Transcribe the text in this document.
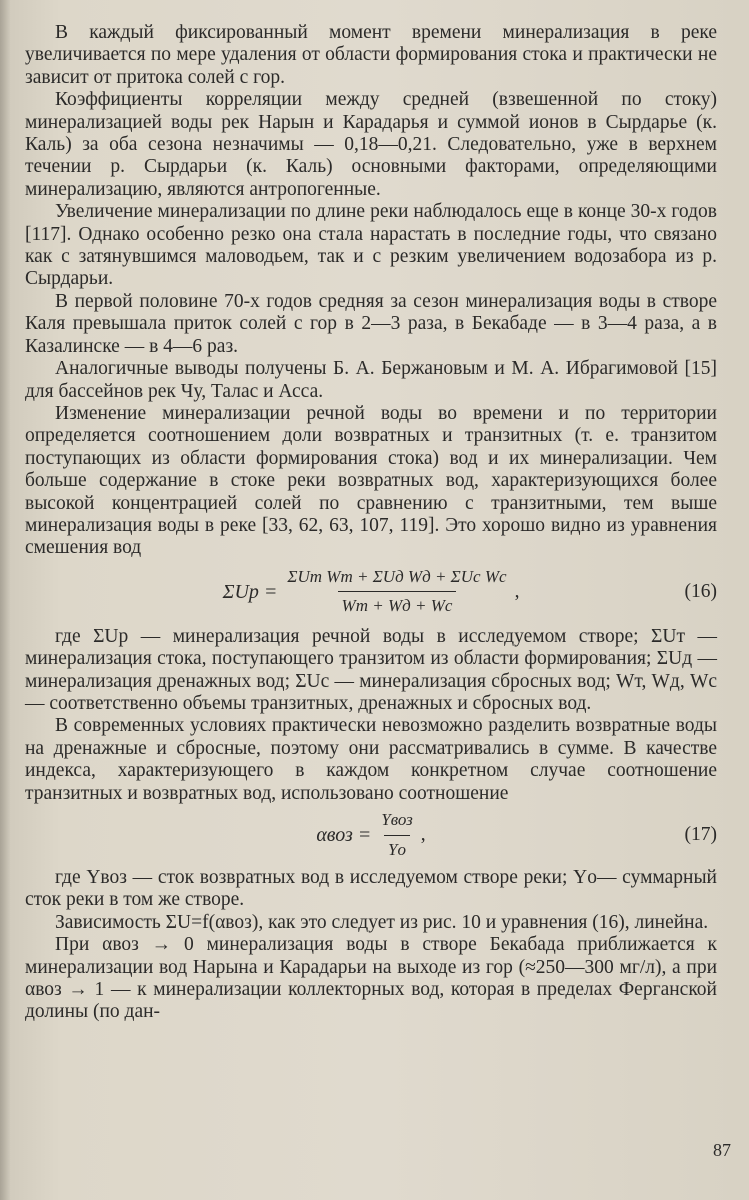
В каждый фиксированный момент времени минерализация в реке увеличивается по мере удаления от области формирования стока и практически не зависит от притока солей с гор.

Коэффициенты корреляции между средней (взвешенной по стоку) минерализацией воды рек Нарын и Карадарья и суммой ионов в Сырдарье (к. Каль) за оба сезона незначимы — 0,18—0,21. Следовательно, уже в верхнем течении р. Сырдарьи (к. Каль) основными факторами, определяющими минерализацию, являются антропогенные.

Увеличение минерализации по длине реки наблюдалось еще в конце 30-х годов [117]. Однако особенно резко она стала нарастать в последние годы, что связано как с затянувшимся маловодьем, так и с резким увеличением водозабора из р. Сырдарьи.

В первой половине 70-х годов средняя за сезон минерализация воды в створе Каля превышала приток солей с гор в 2—3 раза, в Бекабаде — в 3—4 раза, а в Казалинске — в 4—6 раз.

Аналогичные выводы получены Б. А. Бержановым и М. А. Ибрагимовой [15] для бассейнов рек Чу, Талас и Асса.

Изменение минерализации речной воды во времени и по территории определяется соотношением доли возвратных и транзитных (т. е. транзитом поступающих из области формирования стока) вод и их минерализации. Чем больше содержание в стоке реки возвратных вод, характеризующихся более высокой концентрацией солей по сравнению с транзитными, тем выше минерализация воды в реке [33, 62, 63, 107, 119]. Это хорошо видно из уравнения смешения вод

$\Sigma Uр = \frac{\text{ΣUт Wт + ΣUд Wд + ΣUс Wс}}{Wт + Wд + Wс}$ ,	(16)

где ΣUр — минерализация речной воды в исследуемом створе; ΣUт — минерализация стока, поступающего транзитом из области формирования; ΣUд — минерализация дренажных вод; ΣUс — минерализация сбросных вод; Wт, Wд, Wс— соответственно объемы транзитных, дренажных и сбросных вод.

В современных условиях практически невозможно разделить возвратные воды на дренажные и сбросные, поэтому они рассматривались в сумме. В качестве индекса, характеризующего в каждом конкретном случае соотношение транзитных и возвратных вод, использовано соотношение

$\alpha воз = \frac{\text{Yвоз}}{Yо}$ ,	(17)

где Yвоз — сток возвратных вод в исследуемом створе реки; Yо— суммарный сток реки в том же створе.

Зависимость ΣU=f(αвоз), как это следует из рис. 10 и уравнения (16), линейна.

При αвоз → 0 минерализация воды в створе Бекабада приближается к минерализации вод Нарына и Карадарьи на выходе из гор (≈250—300 мг/л), а при αвоз → 1 — к минерализации коллекторных вод, которая в пределах Ферганской долины (по дан-

87
